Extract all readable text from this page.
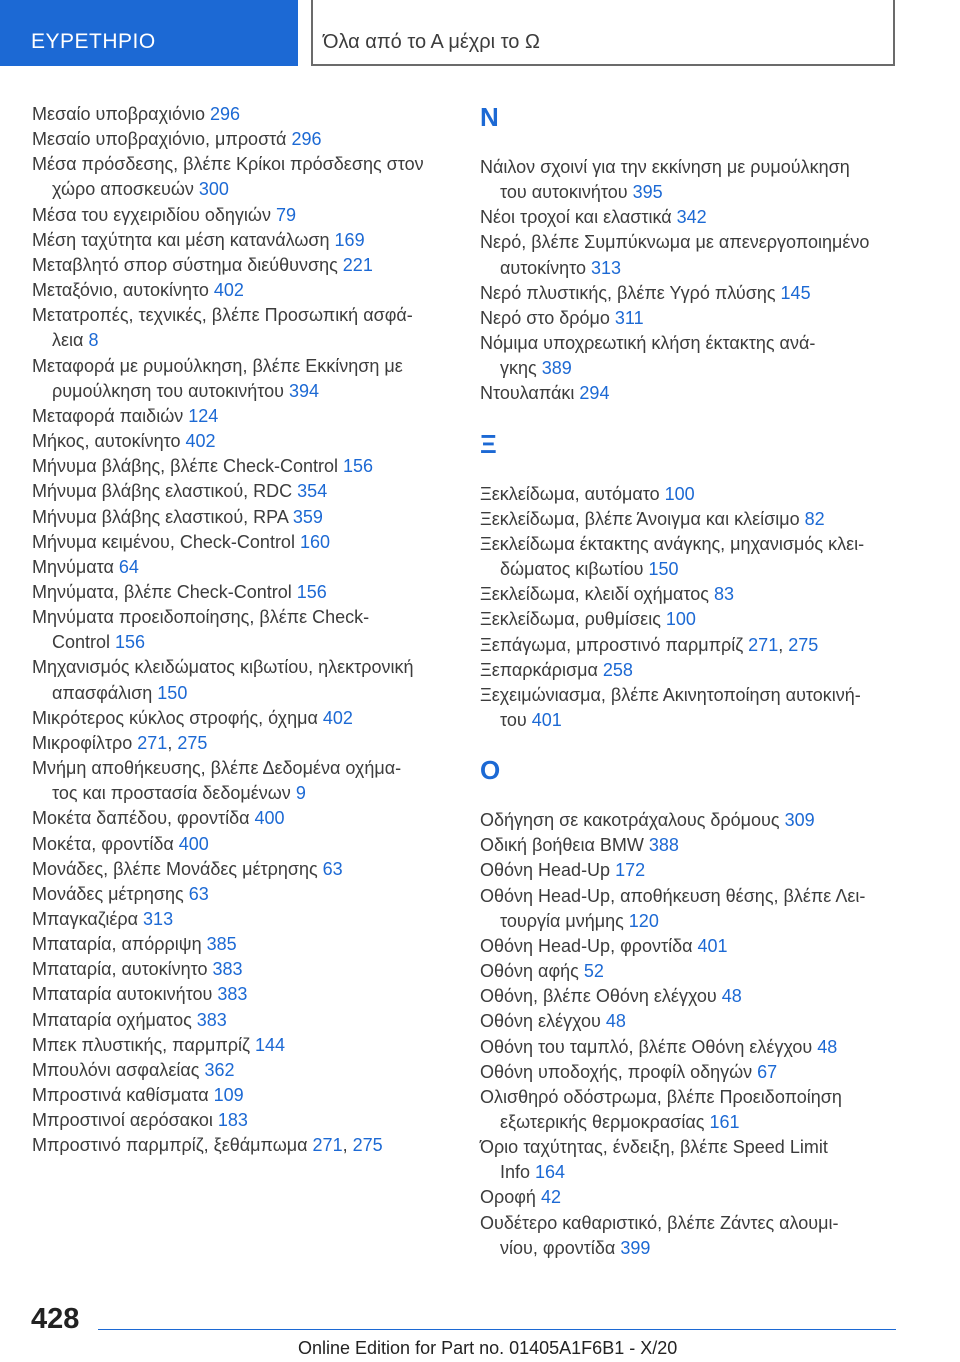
ΕΥΡΕΤΗΡΙΟ	Όλα από το Α μέχρι το Ω
Μεσαίο υποβραχιόνιο 296
Μεσαίο υποβραχιόνιο, μπροστά 296
Μέσα πρόσδεσης, βλέπε Κρίκοι πρόσδεσης στον
χώρο αποσκευών 300
Μέσα του εγχειριδίου οδηγιών 79
Μέση ταχύτητα και μέση κατανάλωση 169
Μεταβλητό σπορ σύστημα διεύθυνσης 221
Μεταξόνιο, αυτοκίνητο 402
Μετατροπές, τεχνικές, βλέπε Προσωπική ασφά-
λεια 8
Μεταφορά με ρυμούλκηση, βλέπε Εκκίνηση με
ρυμούλκηση του αυτοκινήτου 394
Μεταφορά παιδιών 124
Μήκος, αυτοκίνητο 402
Μήνυμα βλάβης, βλέπε Check-Control 156
Μήνυμα βλάβης ελαστικού, RDC 354
Μήνυμα βλάβης ελαστικού, RPA 359
Μήνυμα κειμένου, Check-Control 160
Μηνύματα 64
Μηνύματα, βλέπε Check-Control 156
Μηνύματα προειδοποίησης, βλέπε Check-
Control 156
Μηχανισμός κλειδώματος κιβωτίου, ηλεκτρονική
απασφάλιση 150
Μικρότερος κύκλος στροφής, όχημα 402
Μικροφίλτρο 271, 275
Μνήμη αποθήκευσης, βλέπε Δεδομένα οχήμα-
τος και προστασία δεδομένων 9
Μοκέτα δαπέδου, φροντίδα 400
Μοκέτα, φροντίδα 400
Μονάδες, βλέπε Μονάδες μέτρησης 63
Μονάδες μέτρησης 63
Μπαγκαζιέρα 313
Μπαταρία, απόρριψη 385
Μπαταρία, αυτοκίνητο 383
Μπαταρία αυτοκινήτου 383
Μπαταρία οχήματος 383
Μπεκ πλυστικής, παρμπρίζ 144
Μπουλόνι ασφαλείας 362
Μπροστινά καθίσματα 109
Μπροστινοί αερόσακοι 183
Μπροστινό παρμπρίζ, ξεθάμπωμα 271, 275
N
Νάιλον σχοινί για την εκκίνηση με ρυμούλκηση
του αυτοκινήτου 395
Νέοι τροχοί και ελαστικά 342
Νερό, βλέπε Συμπύκνωμα με απενεργοποιημένο
αυτοκίνητο 313
Νερό πλυστικής, βλέπε Υγρό πλύσης 145
Νερό στο δρόμο 311
Νόμιμα υποχρεωτική κλήση έκτακτης ανά-
γκης 389
Ντουλαπάκι 294
Ξ
Ξεκλείδωμα, αυτόματο 100
Ξεκλείδωμα, βλέπε Άνοιγμα και κλείσιμο 82
Ξεκλείδωμα έκτακτης ανάγκης, μηχανισμός κλει-
δώματος κιβωτίου 150
Ξεκλείδωμα, κλειδί οχήματος 83
Ξεκλείδωμα, ρυθμίσεις 100
Ξεπάγωμα, μπροστινό παρμπρίζ 271, 275
Ξεπαρκάρισμα 258
Ξεχειμώνιασμα, βλέπε Ακινητοποίηση αυτοκινή-
του 401
O
Οδήγηση σε κακοτράχαλους δρόμους 309
Οδική βοήθεια BMW 388
Οθόνη Head-Up 172
Οθόνη Head-Up, αποθήκευση θέσης, βλέπε Λει-
τουργία μνήμης 120
Οθόνη Head-Up, φροντίδα 401
Οθόνη αφής 52
Οθόνη, βλέπε Οθόνη ελέγχου 48
Οθόνη ελέγχου 48
Οθόνη του ταμπλό, βλέπε Οθόνη ελέγχου 48
Οθόνη υποδοχής, προφίλ οδηγών 67
Ολισθηρό οδόστρωμα, βλέπε Προειδοποίηση
εξωτερικής θερμοκρασίας 161
Όριο ταχύτητας, ένδειξη, βλέπε Speed Limit
Info 164
Οροφή 42
Ουδέτερο καθαριστικό, βλέπε Ζάντες αλουμι-
νίου, φροντίδα 399
428
Online Edition for Part no. 01405A1F6B1 - X/20
